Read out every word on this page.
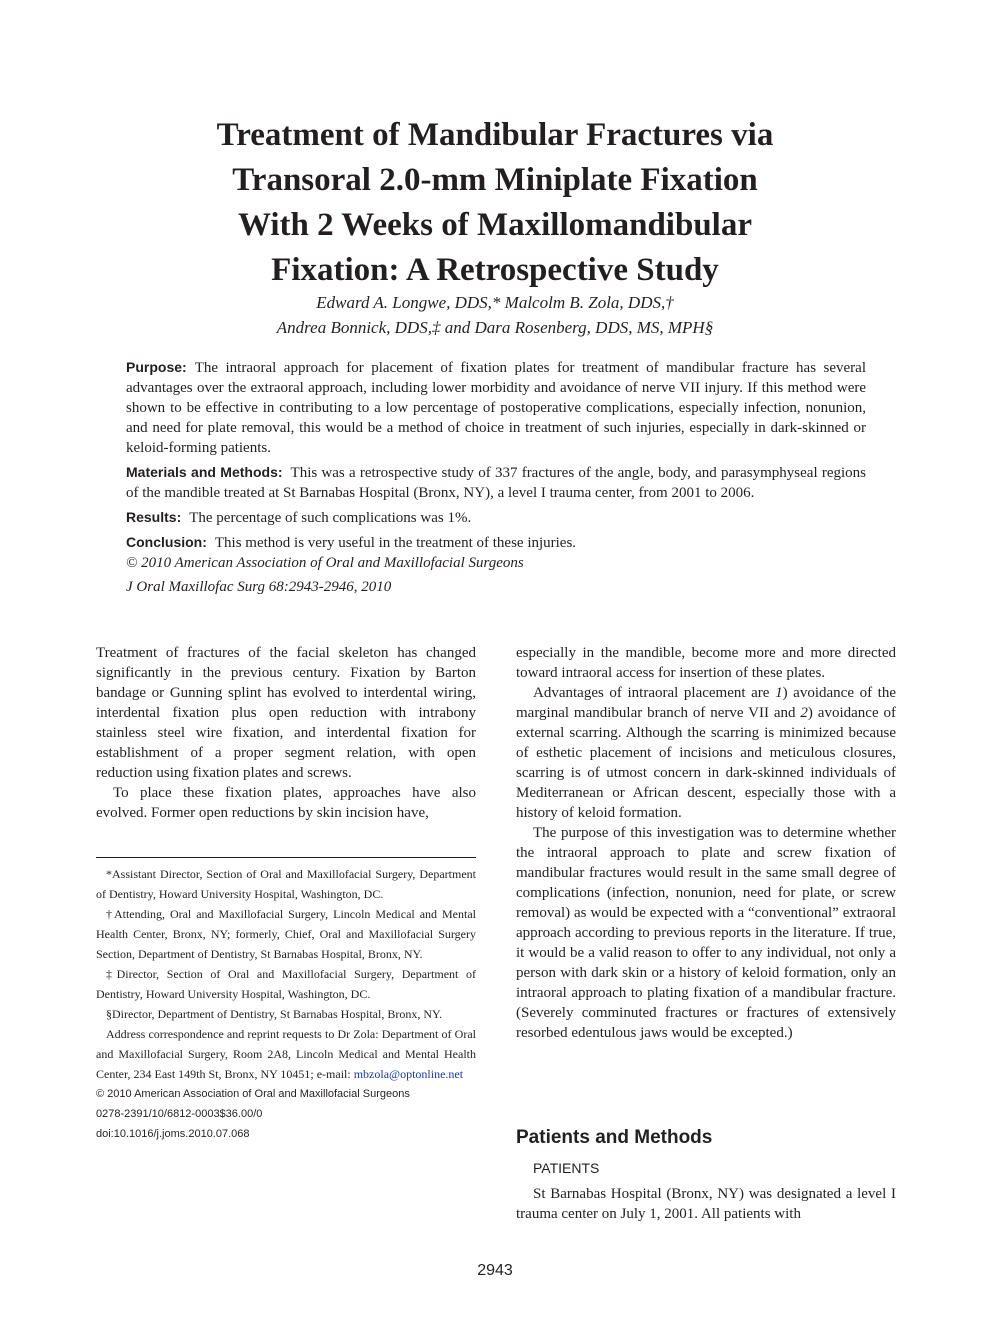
Treatment of Mandibular Fractures via
Transoral 2.0-mm Miniplate Fixation
With 2 Weeks of Maxillomandibular
Fixation: A Retrospective Study
Edward A. Longwe, DDS,* Malcolm B. Zola, DDS,†
Andrea Bonnick, DDS,‡ and Dara Rosenberg, DDS, MS, MPH§

Purpose: The intraoral approach for placement of fixation plates for treatment of mandibular fracture has several advantages over the extraoral approach, including lower morbidity and avoidance of nerve VII injury. If this method were shown to be effective in contributing to a low percentage of postoperative complications, especially infection, nonunion, and need for plate removal, this would be a method of choice in treatment of such injuries, especially in dark-skinned or keloid-forming patients.

Materials and Methods: This was a retrospective study of 337 fractures of the angle, body, and parasymphyseal regions of the mandible treated at St Barnabas Hospital (Bronx, NY), a level I trauma center, from 2001 to 2006.

Results: The percentage of such complications was 1%.

Conclusion: This method is very useful in the treatment of these injuries.

© 2010 American Association of Oral and Maxillofacial Surgeons

J Oral Maxillofac Surg 68:2943-2946, 2010

Treatment of fractures of the facial skeleton has changed significantly in the previous century. Fixation by Barton bandage or Gunning splint has evolved to interdental wiring, interdental fixation plus open reduction with intrabony stainless steel wire fixation, and interdental fixation for establishment of a proper segment relation, with open reduction using fixation plates and screws.

To place these fixation plates, approaches have also evolved. Former open reductions by skin incision have,

*Assistant Director, Section of Oral and Maxillofacial Surgery, Department of Dentistry, Howard University Hospital, Washington, DC.

†Attending, Oral and Maxillofacial Surgery, Lincoln Medical and Mental Health Center, Bronx, NY; formerly, Chief, Oral and Maxillofacial Surgery Section, Department of Dentistry, St Barnabas Hospital, Bronx, NY.

‡Director, Section of Oral and Maxillofacial Surgery, Department of Dentistry, Howard University Hospital, Washington, DC.

§Director, Department of Dentistry, St Barnabas Hospital, Bronx, NY.

Address correspondence and reprint requests to Dr Zola: Department of Oral and Maxillofacial Surgery, Room 2A8, Lincoln Medical and Mental Health Center, 234 East 149th St, Bronx, NY 10451; e-mail: mbzola@optonline.net

© 2010 American Association of Oral and Maxillofacial Surgeons

0278-2391/10/6812-0003$36.00/0

doi:10.1016/j.joms.2010.07.068

especially in the mandible, become more and more directed toward intraoral access for insertion of these plates.

Advantages of intraoral placement are 1) avoidance of the marginal mandibular branch of nerve VII and 2) avoidance of external scarring. Although the scarring is minimized because of esthetic placement of incisions and meticulous closures, scarring is of utmost concern in dark-skinned individuals of Mediterranean or African descent, especially those with a history of keloid formation.

The purpose of this investigation was to determine whether the intraoral approach to plate and screw fixation of mandibular fractures would result in the same small degree of complications (infection, nonunion, need for plate, or screw removal) as would be expected with a “conventional” extraoral approach according to previous reports in the literature. If true, it would be a valid reason to offer to any individual, not only a person with dark skin or a history of keloid formation, only an intraoral approach to plating fixation of a mandibular fracture. (Severely comminuted fractures or fractures of extensively resorbed edentulous jaws would be excepted.)

Patients and Methods
PATIENTS

St Barnabas Hospital (Bronx, NY) was designated a level I trauma center on July 1, 2001. All patients with

2943
